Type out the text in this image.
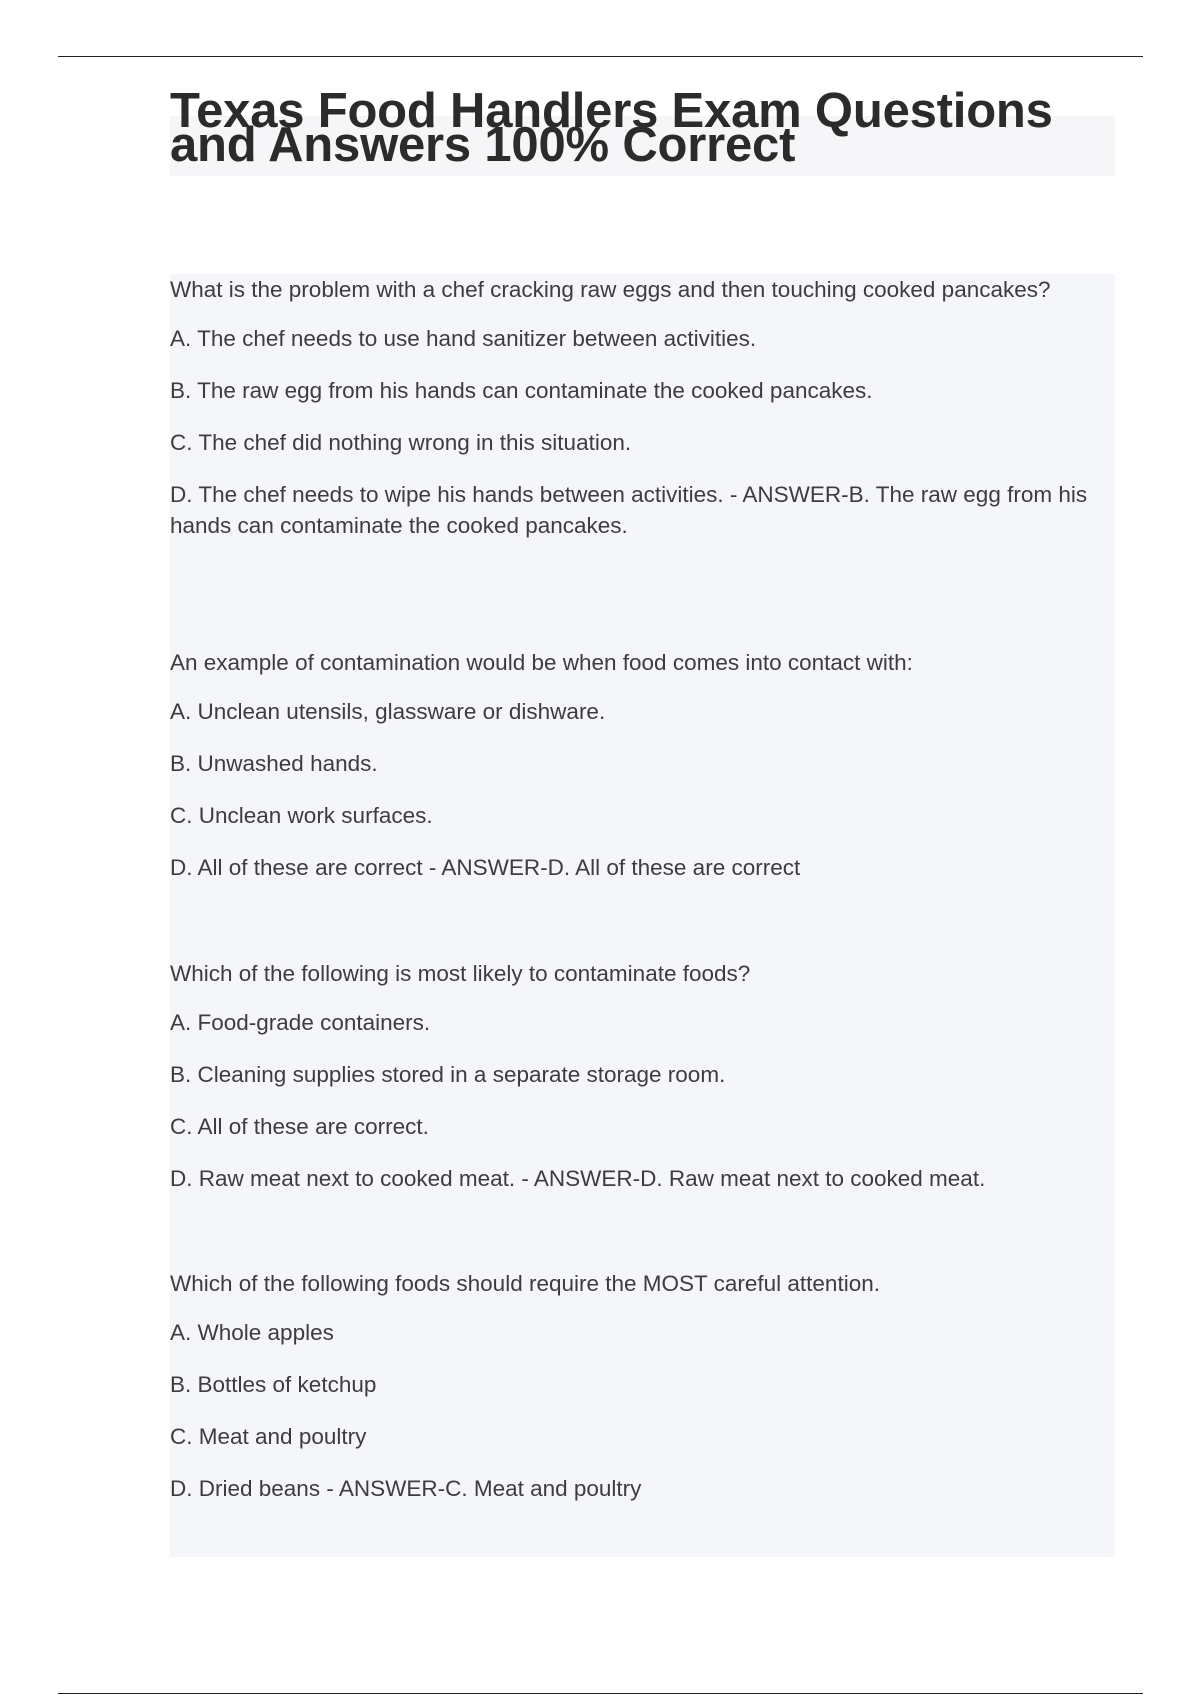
Texas Food Handlers Exam Questions and Answers 100% Correct

What is the problem with a chef cracking raw eggs and then touching cooked pancakes?

A. The chef needs to use hand sanitizer between activities.

B. The raw egg from his hands can contaminate the cooked pancakes.

C. The chef did nothing wrong in this situation.

D. The chef needs to wipe his hands between activities. - ANSWER-B. The raw egg from his hands can contaminate the cooked pancakes.

An example of contamination would be when food comes into contact with:

A. Unclean utensils, glassware or dishware.

B. Unwashed hands.

C. Unclean work surfaces.

D. All of these are correct - ANSWER-D. All of these are correct

Which of the following is most likely to contaminate foods?

A. Food-grade containers.

B. Cleaning supplies stored in a separate storage room.

C. All of these are correct.

D. Raw meat next to cooked meat. - ANSWER-D. Raw meat next to cooked meat.

Which of the following foods should require the MOST careful attention.

A. Whole apples

B. Bottles of ketchup

C. Meat and poultry

D. Dried beans - ANSWER-C. Meat and poultry
